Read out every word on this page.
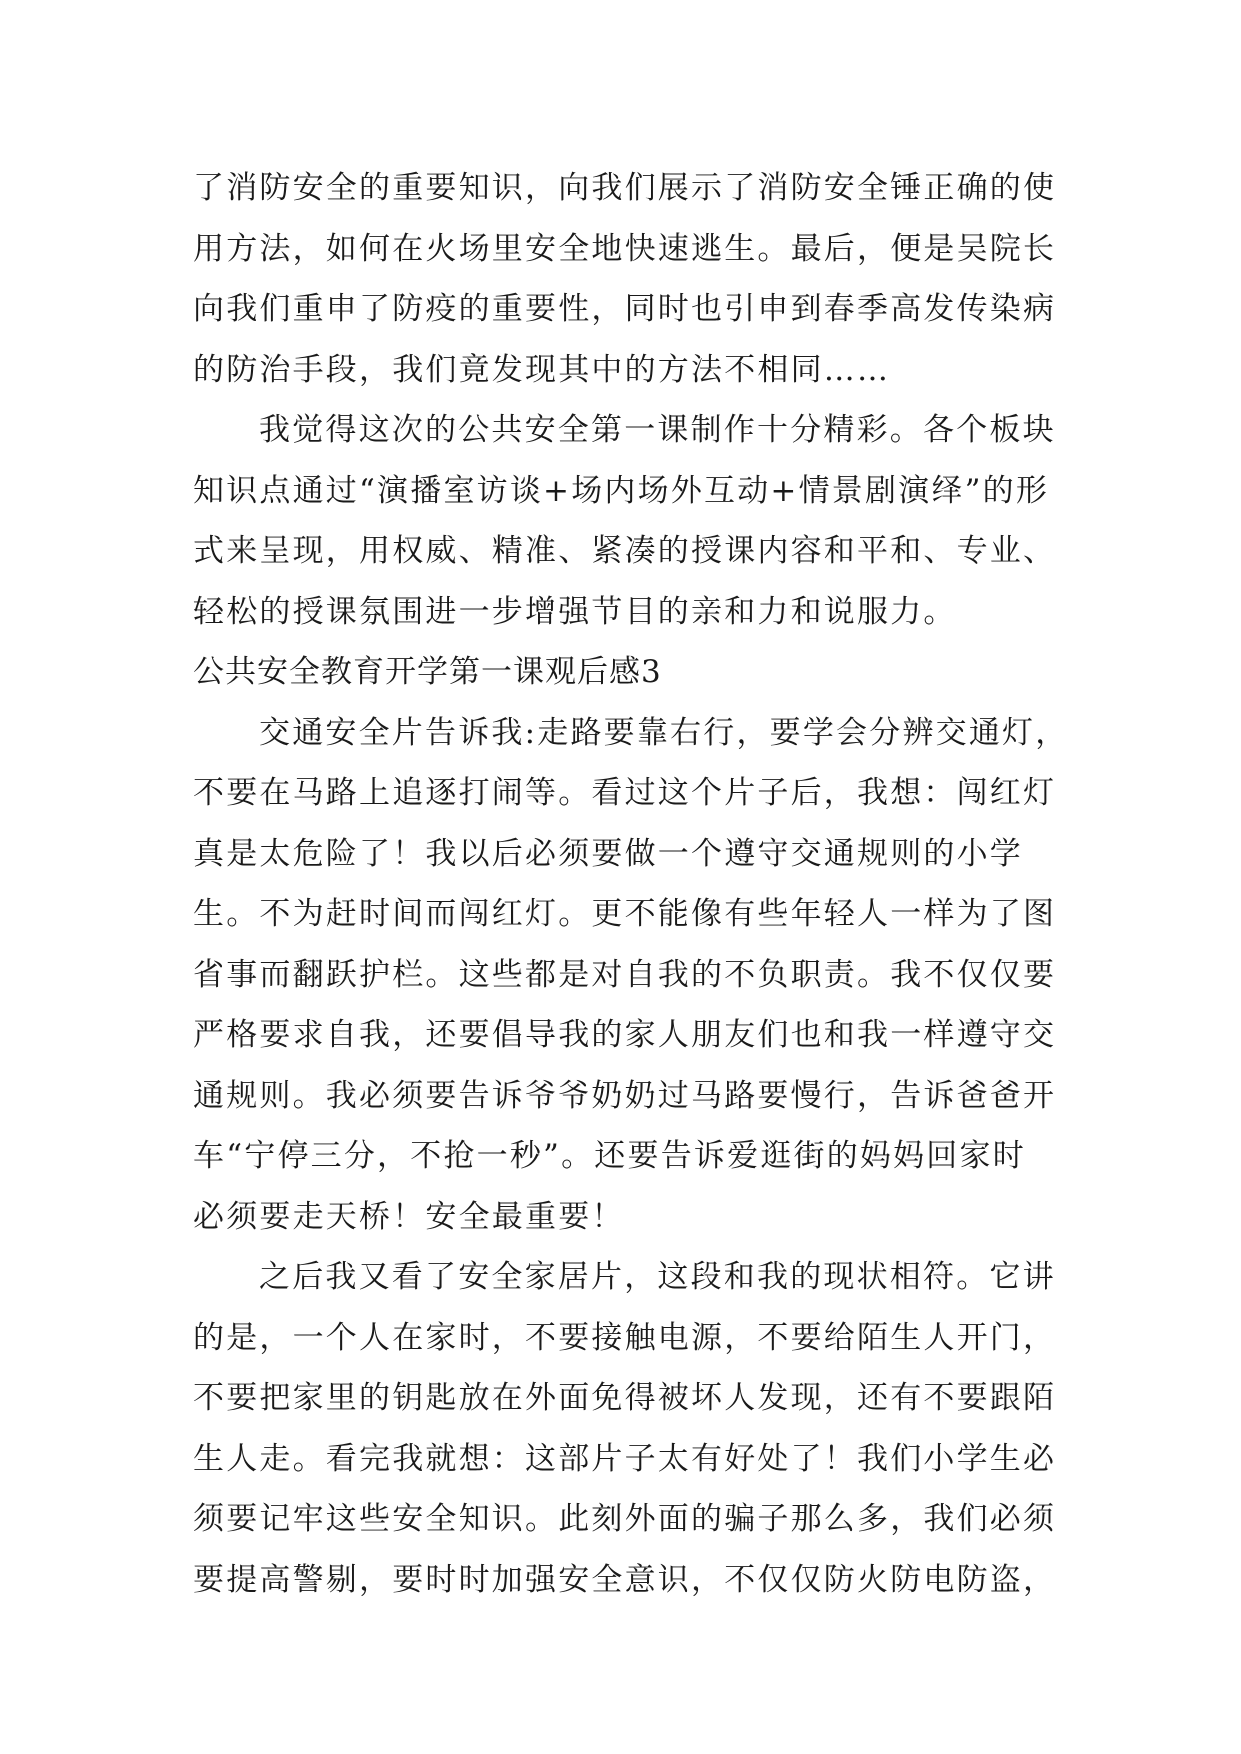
了消防安全的重要知识，向我们展示了消防安全锤正确的使
用方法，如何在火场里安全地快速逃生。最后，便是吴院长
向我们重申了防疫的重要性，同时也引申到春季高发传染病
的防治手段，我们竟发现其中的方法不相同……
我觉得这次的公共安全第一课制作十分精彩。各个板块
知识点通过“演播室访谈+场内场外互动+情景剧演绎”的形
式来呈现，用权威、精准、紧凑的授课内容和平和、专业、
轻松的授课氛围进一步增强节目的亲和力和说服力。
公共安全教育开学第一课观后感3
交通安全片告诉我:走路要靠右行，要学会分辨交通灯，
不要在马路上追逐打闹等。看过这个片子后，我想：闯红灯
真是太危险了！我以后必须要做一个遵守交通规则的小学
生。不为赶时间而闯红灯。更不能像有些年轻人一样为了图
省事而翻跃护栏。这些都是对自我的不负职责。我不仅仅要
严格要求自我，还要倡导我的家人朋友们也和我一样遵守交
通规则。我必须要告诉爷爷奶奶过马路要慢行，告诉爸爸开
车“宁停三分，不抢一秒”。还要告诉爱逛街的妈妈回家时
必须要走天桥！安全最重要！
之后我又看了安全家居片，这段和我的现状相符。它讲
的是，一个人在家时，不要接触电源，不要给陌生人开门，
不要把家里的钥匙放在外面免得被坏人发现，还有不要跟陌
生人走。看完我就想：这部片子太有好处了！我们小学生必
须要记牢这些安全知识。此刻外面的骗子那么多，我们必须
要提高警剔，要时时加强安全意识，不仅仅防火防电防盗，
